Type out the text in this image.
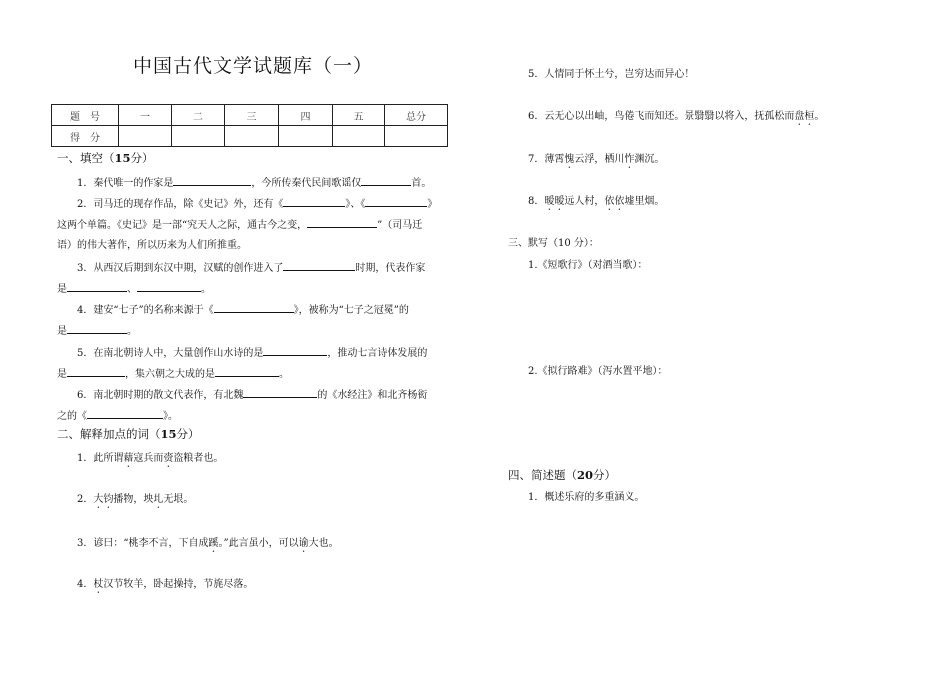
中国古代文学试题库（一）
题　号	一	二	三	四	五	总分
得　分						
一、填空（15分）
1．秦代唯一的作家是	，今所传秦代民间歌谣仅	首。
2．司马迁的现存作品，除《史记》外，还有《	》、《	》
这两个单篇。《史记》是一部“究天人之际，通古今之变，	”（司马迁
语）的伟大著作，所以历来为人们所推重。
3．从西汉后期到东汉中期，汉赋的创作进入了	时期，代表作家
是	、	。
4．建安“七子”的名称来源于《	》，被称为“七子之冠冕”的
是	。
5．在南北朝诗人中，大量创作山水诗的是	，推动七言诗体发展的
是	，集六朝之大成的是	。
6．南北朝时期的散文代表作，有北魏	的《水经注》和北齐杨衒
之的《	》。
二、解释加点的词（15分）
1．此所谓藉寇兵而赍盗粮者也。
2．大钧播物，坱圠无垠。
3．谚曰：“桃李不言，下自成蹊。”此言虽小，可以谕大也。
4．杖汉节牧羊，卧起操持，节旄尽落。
5．人情同于怀土兮，岂穷达而异心！
6．云无心以出岫，鸟倦飞而知还。景翳翳以将入，抚孤松而盘桓。
7．薄霄愧云浮，栖川怍渊沉。
8．暧暧远人村，依依墟里烟。
三、默写（10 分）：
1.《短歌行》（对酒当歌）：
2.《拟行路难》（泻水置平地）：
四、简述题（20分）
1．概述乐府的多重涵义。
